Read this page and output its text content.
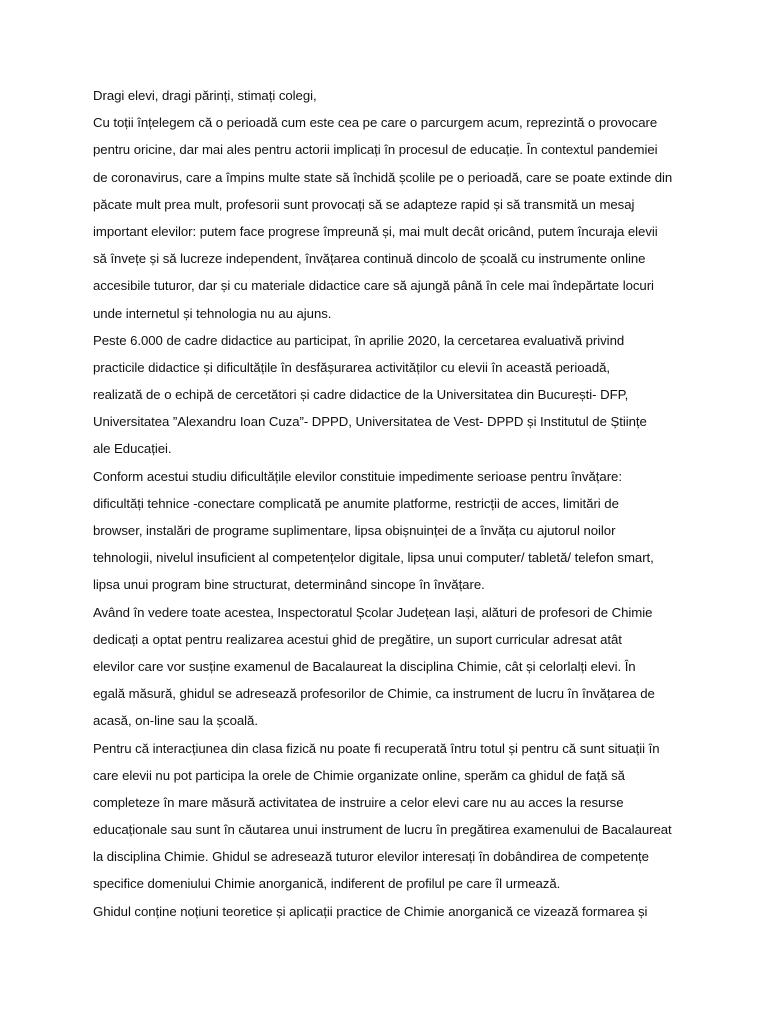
Dragi elevi, dragi părinți, stimați colegi,
Cu toții înțelegem că o perioadă cum este cea pe care o parcurgem acum, reprezintă o provocare
pentru oricine, dar mai ales pentru actorii implicați în procesul de educație. În contextul pandemiei
de coronavirus, care a împins multe state să închidă școlile pe o perioadă, care se poate extinde din
păcate mult prea mult, profesorii sunt provocați să se adapteze rapid și să transmită un mesaj
important elevilor: putem face progrese împreună și, mai mult decât oricând, putem încuraja elevii
să învețe și să lucreze independent, învățarea continuă dincolo de școală cu instrumente online
accesibile tuturor, dar și cu materiale didactice care să ajungă până în cele mai îndepărtate locuri
unde internetul și tehnologia nu au ajuns.
Peste 6.000 de cadre didactice au participat, în aprilie 2020, la cercetarea evaluativă privind
practicile didactice și dificultățile în desfășurarea activităților cu elevii în această perioadă,
realizată de o echipă de cercetători și cadre didactice de la Universitatea din București- DFP,
Universitatea ”Alexandru Ioan Cuza”- DPPD, Universitatea de Vest- DPPD și Institutul de Științe
ale Educației.
Conform acestui studiu dificultățile elevilor constituie impedimente serioase pentru învățare:
dificultăți tehnice -conectare complicată pe anumite platforme, restricții de acces, limitări de
browser, instalări de programe suplimentare, lipsa obișnuinței de a învăța cu ajutorul noilor
tehnologii, nivelul insuficient al competențelor digitale, lipsa unui computer/ tabletă/ telefon smart,
lipsa unui program bine structurat, determinând sincope în învățare.
Având în vedere toate acestea, Inspectoratul Școlar Județean Iași, alături de profesori de Chimie
dedicați a optat pentru realizarea acestui ghid de pregătire, un suport curricular adresat atât
elevilor care vor susține examenul de Bacalaureat la disciplina Chimie, cât și celorlalți elevi. În
egală măsură, ghidul se adresează profesorilor de Chimie, ca instrument de lucru în învățarea de
acasă, on-line sau la școală.
Pentru că interacțiunea din clasa fizică nu poate fi recuperată întru totul și pentru că sunt situații în
care elevii nu pot participa la orele de Chimie organizate online, sperăm ca ghidul de față să
completeze în mare măsură activitatea de instruire a celor elevi care nu au acces la resurse
educaționale sau sunt în căutarea unui instrument de lucru în pregătirea examenului de Bacalaureat
la disciplina Chimie. Ghidul se adresează tuturor elevilor interesați în dobândirea de competențe
specifice domeniului Chimie anorganică, indiferent de profilul pe care îl urmează.
Ghidul conține noțiuni teoretice și aplicații practice de Chimie anorganică ce vizează formarea și
